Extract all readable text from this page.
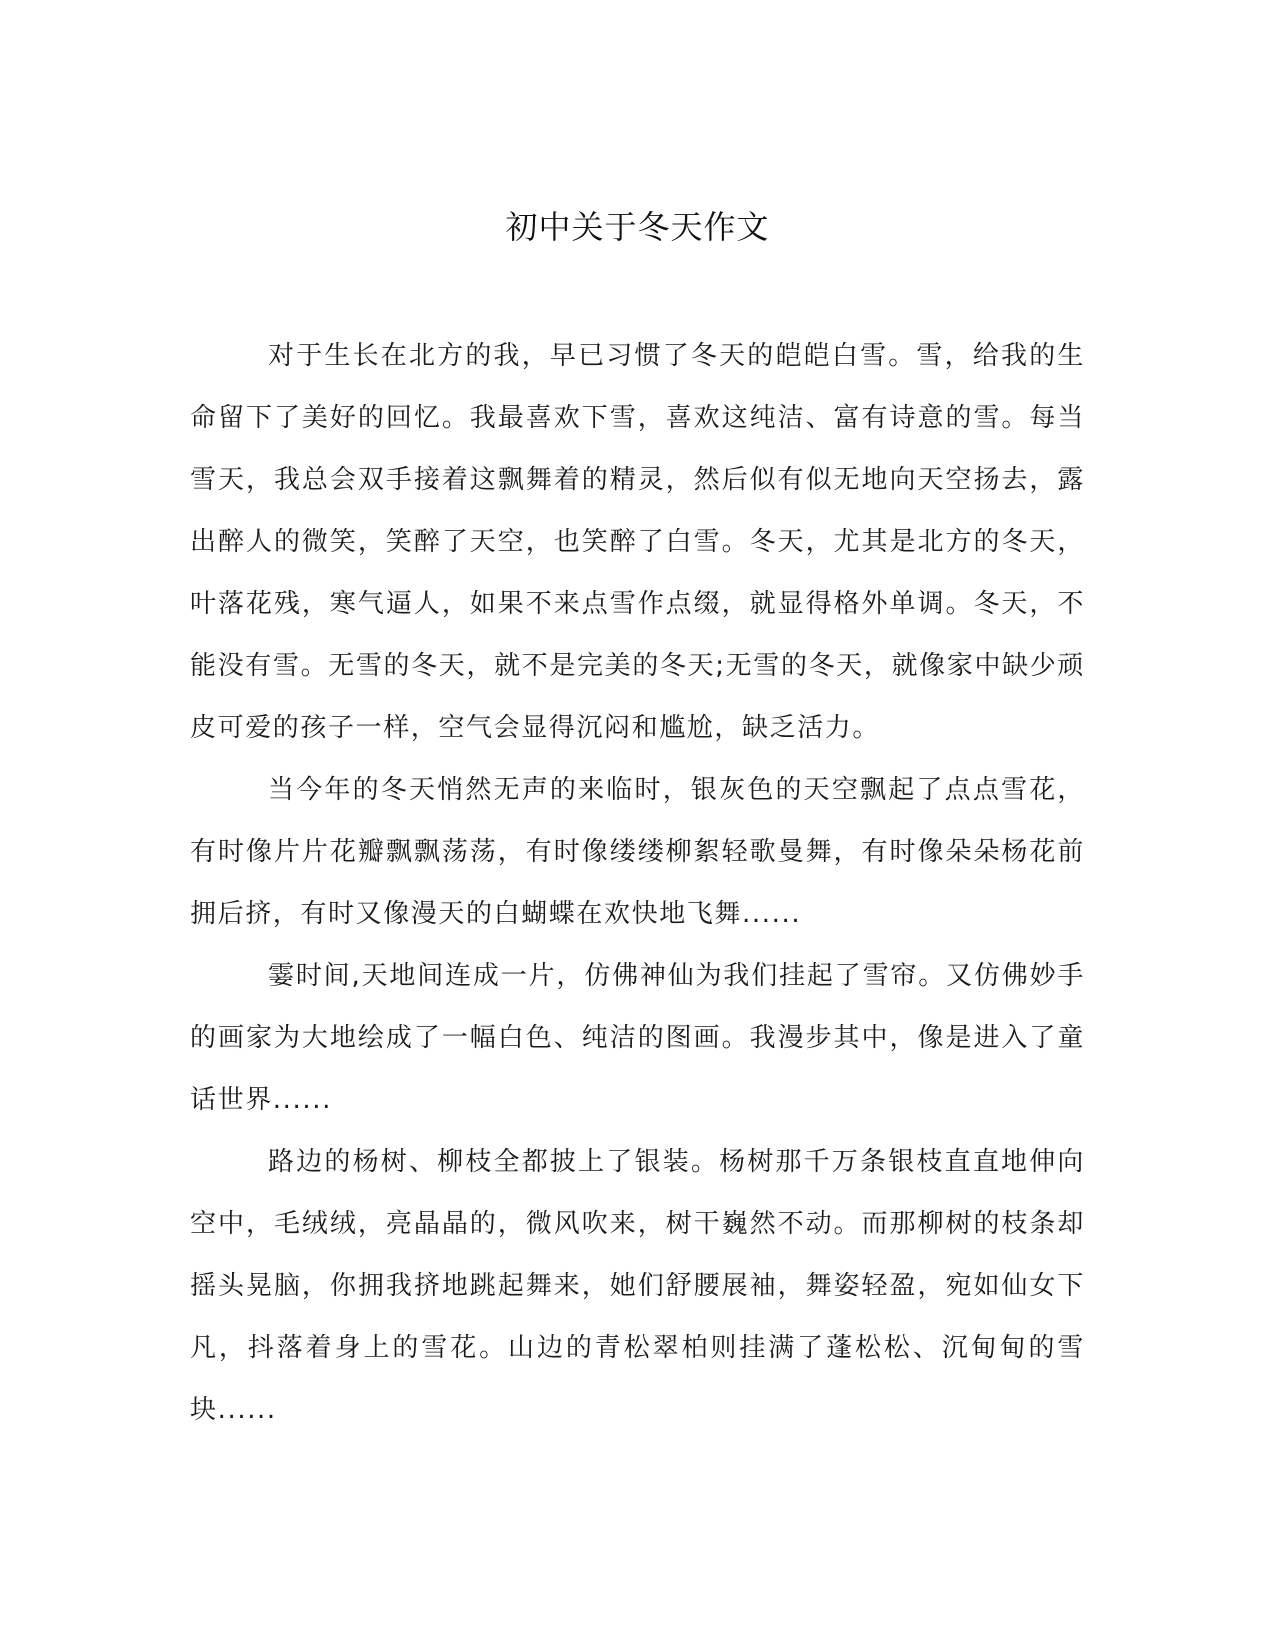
初中关于冬天作文

对于生长在北方的我，早已习惯了冬天的皑皑白雪。雪，给我的生命留下了美好的回忆。我最喜欢下雪，喜欢这纯洁、富有诗意的雪。每当雪天，我总会双手接着这飘舞着的精灵，然后似有似无地向天空扬去，露出醉人的微笑，笑醉了天空，也笑醉了白雪。冬天，尤其是北方的冬天，叶落花残，寒气逼人，如果不来点雪作点缀，就显得格外单调。冬天，不能没有雪。无雪的冬天，就不是完美的冬天;无雪的冬天，就像家中缺少顽皮可爱的孩子一样，空气会显得沉闷和尴尬，缺乏活力。

当今年的冬天悄然无声的来临时，银灰色的天空飘起了点点雪花，有时像片片花瓣飘飘荡荡，有时像缕缕柳絮轻歌曼舞，有时像朵朵杨花前拥后挤，有时又像漫天的白蝴蝶在欢快地飞舞......

霎时间,天地间连成一片，仿佛神仙为我们挂起了雪帘。又仿佛妙手的画家为大地绘成了一幅白色、纯洁的图画。我漫步其中，像是进入了童话世界......

路边的杨树、柳枝全都披上了银装。杨树那千万条银枝直直地伸向空中，毛绒绒，亮晶晶的，微风吹来，树干巍然不动。而那柳树的枝条却摇头晃脑，你拥我挤地跳起舞来，她们舒腰展袖，舞姿轻盈，宛如仙女下凡，抖落着身上的雪花。山边的青松翠柏则挂满了蓬松松、沉甸甸的雪块......
